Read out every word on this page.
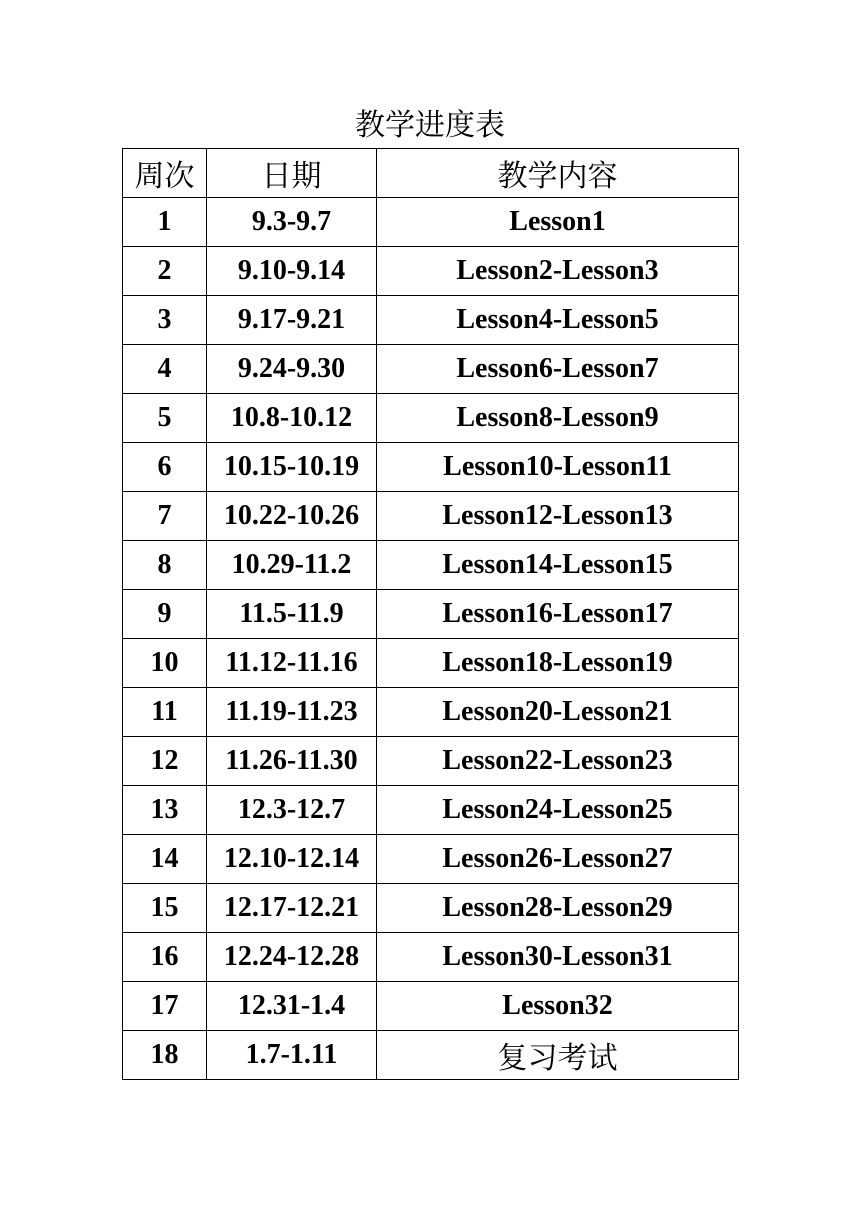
教学进度表
周次	日期	教学内容
1	9.3-9.7	Lesson1
2	9.10-9.14	Lesson2-Lesson3
3	9.17-9.21	Lesson4-Lesson5
4	9.24-9.30	Lesson6-Lesson7
5	10.8-10.12	Lesson8-Lesson9
6	10.15-10.19	Lesson10-Lesson11
7	10.22-10.26	Lesson12-Lesson13
8	10.29-11.2	Lesson14-Lesson15
9	11.5-11.9	Lesson16-Lesson17
10	11.12-11.16	Lesson18-Lesson19
11	11.19-11.23	Lesson20-Lesson21
12	11.26-11.30	Lesson22-Lesson23
13	12.3-12.7	Lesson24-Lesson25
14	12.10-12.14	Lesson26-Lesson27
15	12.17-12.21	Lesson28-Lesson29
16	12.24-12.28	Lesson30-Lesson31
17	12.31-1.4	Lesson32
18	1.7-1.11	复习考试
